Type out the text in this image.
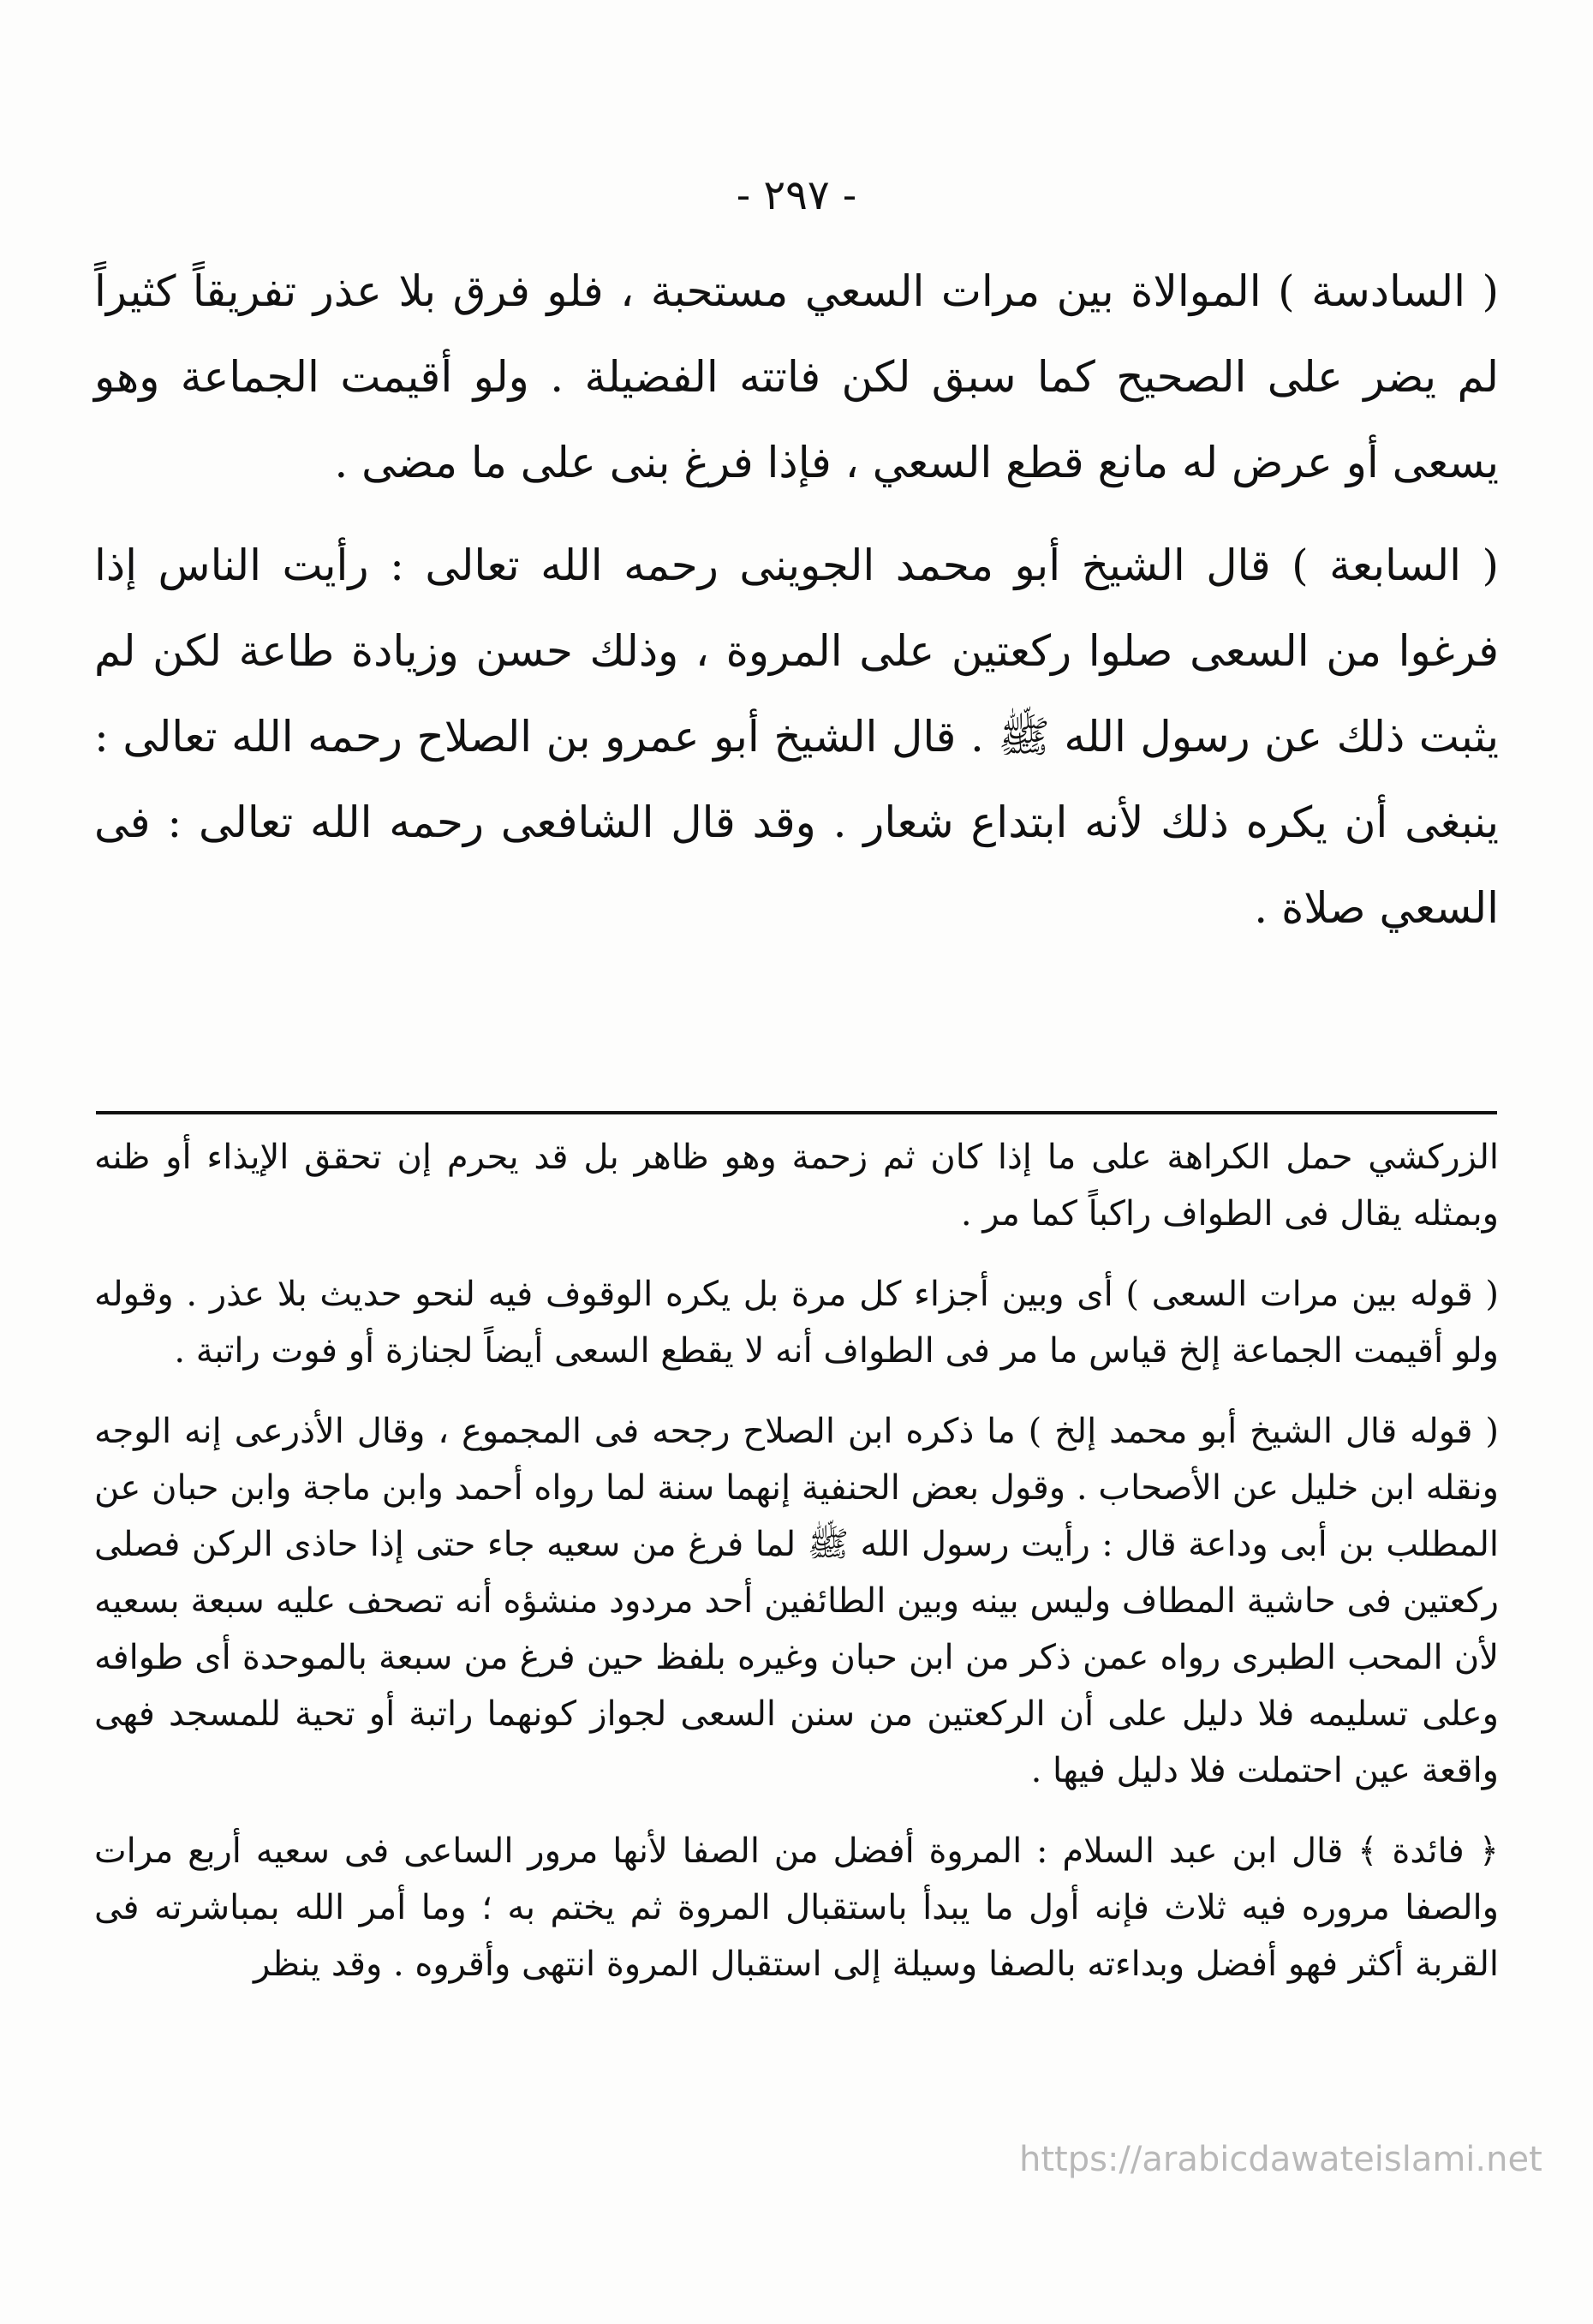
- ٢٩٧ -

( السادسة ) الموالاة بين مرات السعي مستحبة ، فلو فرق بلا عذر تفريقاً كثيراً لم يضر على الصحيح كما سبق لكن فاتته الفضيلة . ولو أقيمت الجماعة وهو يسعى أو عرض له مانع قطع السعي ، فإذا فرغ بنى على ما مضى .

( السابعة ) قال الشيخ أبو محمد الجوينى رحمه الله تعالى : رأيت الناس إذا فرغوا من السعى صلوا ركعتين على المروة ، وذلك حسن وزيادة طاعة لكن لم يثبت ذلك عن رسول الله ﷺ . قال الشيخ أبو عمرو بن الصلاح رحمه الله تعالى : ينبغى أن يكره ذلك لأنه ابتداع شعار . وقد قال الشافعى رحمه الله تعالى : فى السعي صلاة .

الزركشي حمل الكراهة على ما إذا كان ثم زحمة وهو ظاهر بل قد يحرم إن تحقق الإيذاء أو ظنه وبمثله يقال فى الطواف راكباً كما مر .

( قوله بين مرات السعى ) أى وبين أجزاء كل مرة بل يكره الوقوف فيه لنحو حديث بلا عذر . وقوله ولو أقيمت الجماعة إلخ قياس ما مر فى الطواف أنه لا يقطع السعى أيضاً لجنازة أو فوت راتبة .

( قوله قال الشيخ أبو محمد إلخ ) ما ذكره ابن الصلاح رجحه فى المجموع ، وقال الأذرعى إنه الوجه ونقله ابن خليل عن الأصحاب . وقول بعض الحنفية إنهما سنة لما رواه أحمد وابن ماجة وابن حبان عن المطلب بن أبى وداعة قال : رأيت رسول الله ﷺ لما فرغ من سعيه جاء حتى إذا حاذى الركن فصلى ركعتين فى حاشية المطاف وليس بينه وبين الطائفين أحد مردود منشؤه أنه تصحف عليه سبعة بسعيه لأن المحب الطبرى رواه عمن ذكر من ابن حبان وغيره بلفظ حين فرغ من سبعة بالموحدة أى طوافه وعلى تسليمه فلا دليل على أن الركعتين من سنن السعى لجواز كونهما راتبة أو تحية للمسجد فهى واقعة عين احتملت فلا دليل فيها .

﴿ فائدة ﴾ قال ابن عبد السلام : المروة أفضل من الصفا لأنها مرور الساعى فى سعيه أربع مرات والصفا مروره فيه ثلاث فإنه أول ما يبدأ باستقبال المروة ثم يختم به ؛ وما أمر الله بمباشرته فى القربة أكثر فهو أفضل وبداءته بالصفا وسيلة إلى استقبال المروة انتهى وأقروه . وقد ينظر

https://arabicdawateislami.net
